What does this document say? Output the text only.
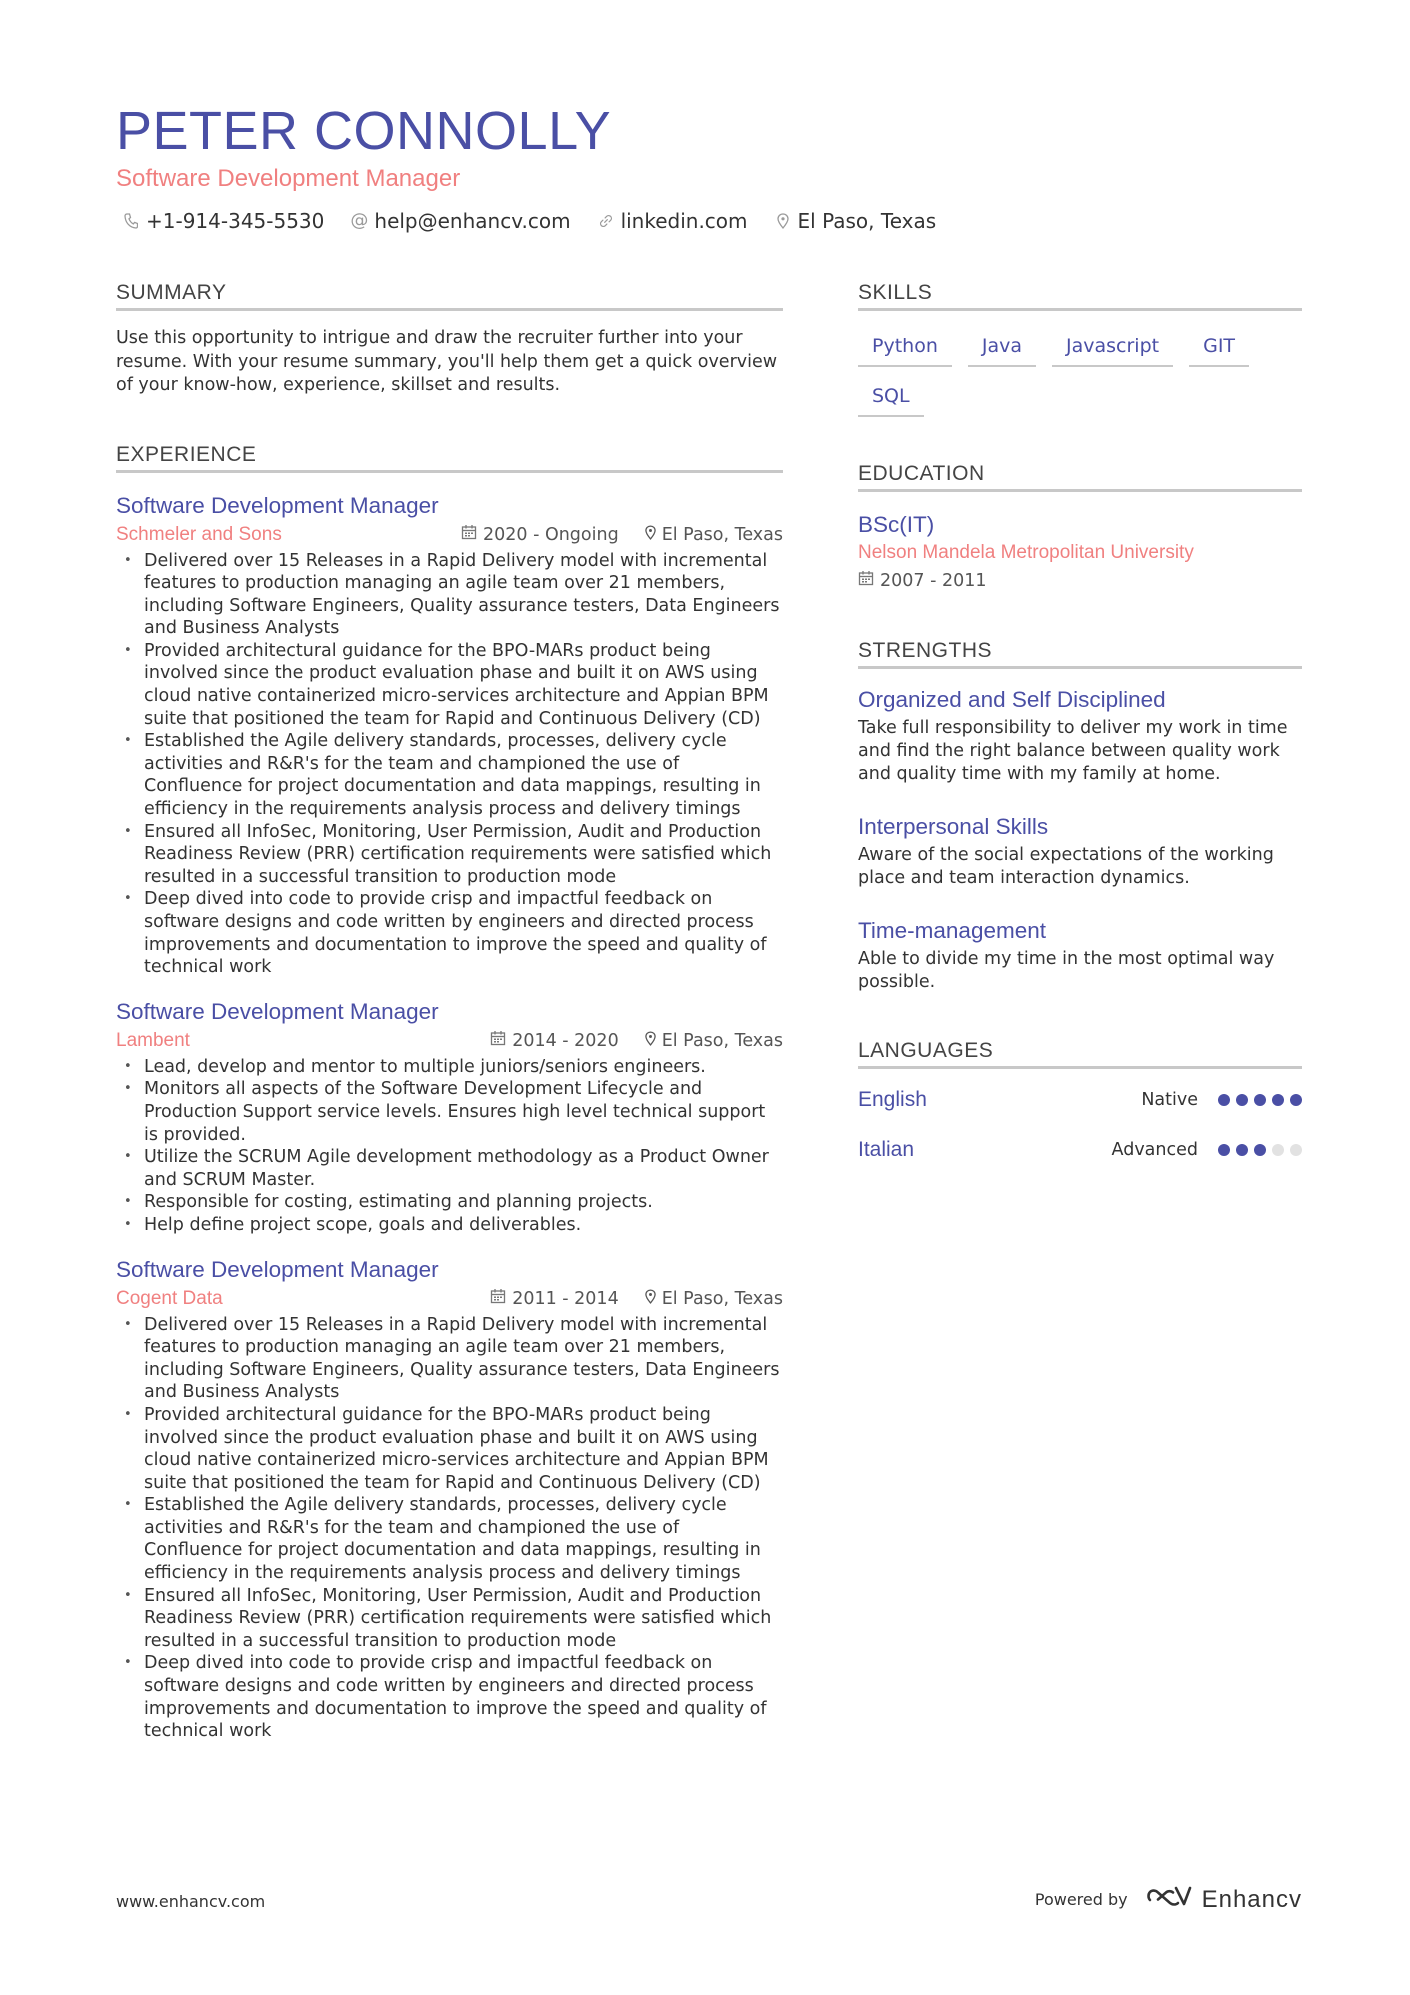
PETER CONNOLLY
Software Development Manager
+1-914-345-5530 @ help@enhancv.com	linkedin.com	El Paso, Texas
SUMMARY
Use this opportunity to intrigue and draw the recruiter further into your resume. With your resume summary, you'll help them get a quick overview of your know-how, experience, skillset and results.
EXPERIENCE
Software Development Manager
Schmeler and Sons	2020 - Ongoing El Paso, Texas
• Delivered over 15 Releases in a Rapid Delivery model with incremental features to production managing an agile team over 21 members, including Software Engineers, Quality assurance testers, Data Engineers and Business Analysts
• Provided architectural guidance for the BPO-MARs product being involved since the product evaluation phase and built it on AWS using cloud native containerized micro-services architecture and Appian BPM suite that positioned the team for Rapid and Continuous Delivery (CD)
• Established the Agile delivery standards, processes, delivery cycle activities and R&R's for the team and championed the use of Confluence for project documentation and data mappings, resulting in efficiency in the requirements analysis process and delivery timings
• Ensured all InfoSec, Monitoring, User Permission, Audit and Production Readiness Review (PRR) certification requirements were satisfied which resulted in a successful transition to production mode
• Deep dived into code to provide crisp and impactful feedback on software designs and code written by engineers and directed process improvements and documentation to improve the speed and quality of technical work
Software Development Manager
Lambent	2014 - 2020 El Paso, Texas
• Lead, develop and mentor to multiple juniors/seniors engineers.
• Monitors all aspects of the Software Development Lifecycle and Production Support service levels. Ensures high level technical support is provided.
• Utilize the SCRUM Agile development methodology as a Product Owner and SCRUM Master.
• Responsible for costing, estimating and planning projects.
• Help define project scope, goals and deliverables.
Software Development Manager
Cogent Data	2011 - 2014 El Paso, Texas
• Delivered over 15 Releases in a Rapid Delivery model with incremental features to production managing an agile team over 21 members, including Software Engineers, Quality assurance testers, Data Engineers and Business Analysts
• Provided architectural guidance for the BPO-MARs product being involved since the product evaluation phase and built it on AWS using cloud native containerized micro-services architecture and Appian BPM suite that positioned the team for Rapid and Continuous Delivery (CD)
• Established the Agile delivery standards, processes, delivery cycle activities and R&R's for the team and championed the use of Confluence for project documentation and data mappings, resulting in efficiency in the requirements analysis process and delivery timings
• Ensured all InfoSec, Monitoring, User Permission, Audit and Production Readiness Review (PRR) certification requirements were satisfied which resulted in a successful transition to production mode
• Deep dived into code to provide crisp and impactful feedback on software designs and code written by engineers and directed process improvements and documentation to improve the speed and quality of technical work
SKILLS
Python	Java	Javascript	GIT
SQL
EDUCATION
BSc(IT)
Nelson Mandela Metropolitan University
2007 - 2011
STRENGTHS
Organized and Self Disciplined
Take full responsibility to deliver my work in time and find the right balance between quality work and quality time with my family at home.
Interpersonal Skills
Aware of the social expectations of the working place and team interaction dynamics.
Time-management
Able to divide my time in the most optimal way possible.
LANGUAGES
English	Native
Italian	Advanced
www.enhancv.com	Powered by	Enhancv
